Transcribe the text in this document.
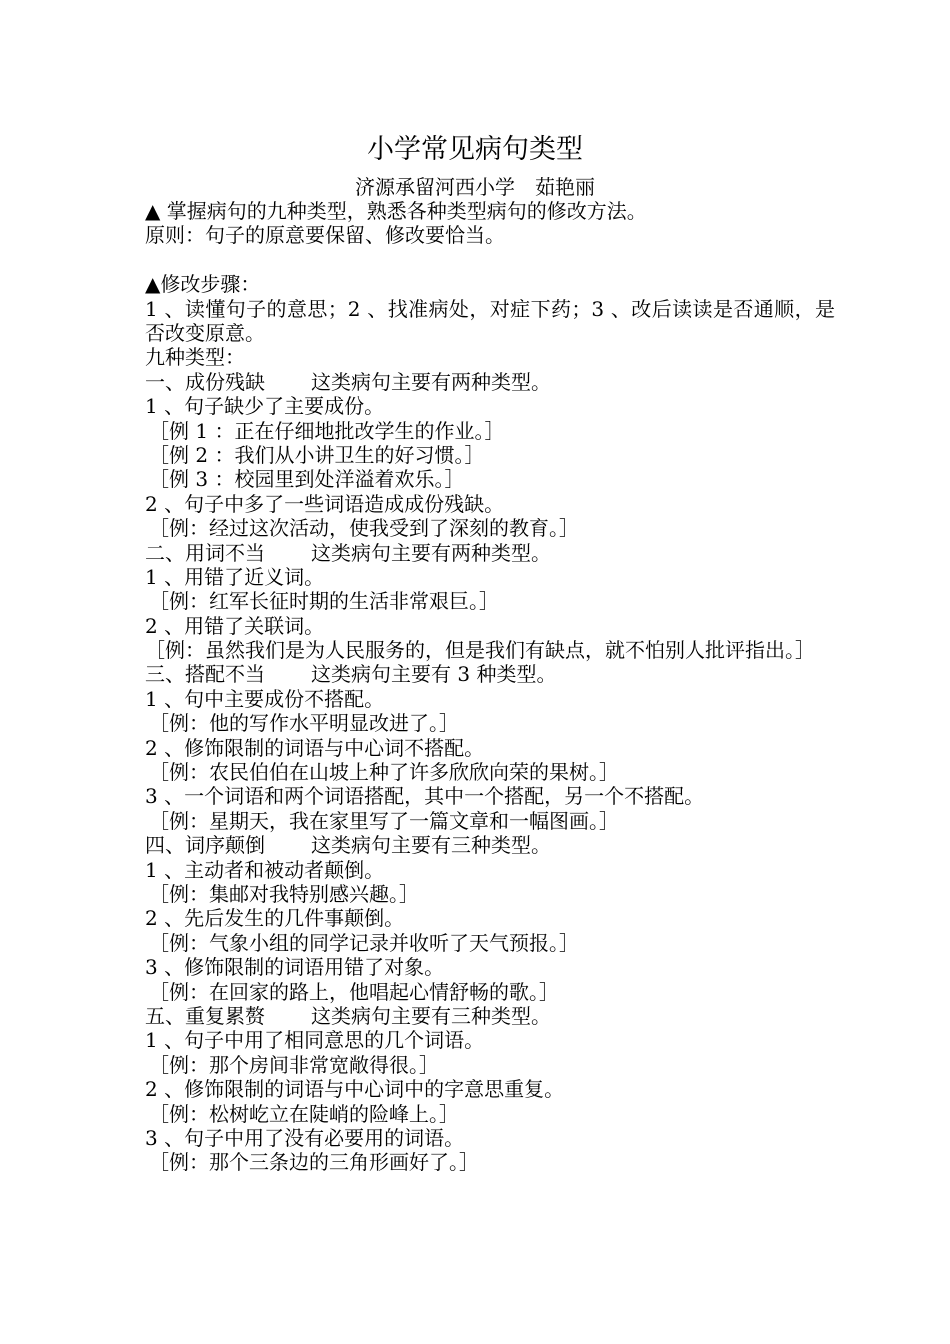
小学常见病句类型
济源承留河西小学　茹艳丽
▲ 掌握病句的九种类型，熟悉各种类型病句的修改方法。
原则：句子的原意要保留、修改要恰当。
▲修改步骤：
1 、读懂句子的意思；2 、找准病处，对症下药；3 、改后读读是否通顺，是否改变原意。
九种类型：
一、成份残缺 这类病句主要有两种类型。
1 、句子缺少了主要成份。
［例 1 ：正在仔细地批改学生的作业。］
［例 2 ：我们从小讲卫生的好习惯。］
［例 3 ：校园里到处洋溢着欢乐。］
2 、句子中多了一些词语造成成份残缺。
［例：经过这次活动，使我受到了深刻的教育。］
二、用词不当 这类病句主要有两种类型。
1 、用错了近义词。
［例：红军长征时期的生活非常艰巨。］
2 、用错了关联词。
［例：虽然我们是为人民服务的，但是我们有缺点，就不怕别人批评指出。］
三、搭配不当 这类病句主要有 3 种类型。
1 、句中主要成份不搭配。
［例：他的写作水平明显改进了。］
2 、修饰限制的词语与中心词不搭配。
［例：农民伯伯在山坡上种了许多欣欣向荣的果树。］
3 、一个词语和两个词语搭配，其中一个搭配，另一个不搭配。
［例：星期天，我在家里写了一篇文章和一幅图画。］
四、词序颠倒 这类病句主要有三种类型。
1 、主动者和被动者颠倒。
［例：集邮对我特别感兴趣。］
2 、先后发生的几件事颠倒。
［例：气象小组的同学记录并收听了天气预报。］
3 、修饰限制的词语用错了对象。
［例：在回家的路上，他唱起心情舒畅的歌。］
五、重复累赘 这类病句主要有三种类型。
1 、句子中用了相同意思的几个词语。
［例：那个房间非常宽敞得很。］
2 、修饰限制的词语与中心词中的字意思重复。
［例：松树屹立在陡峭的险峰上。］
3 、句子中用了没有必要用的词语。
［例：那个三条边的三角形画好了。］
